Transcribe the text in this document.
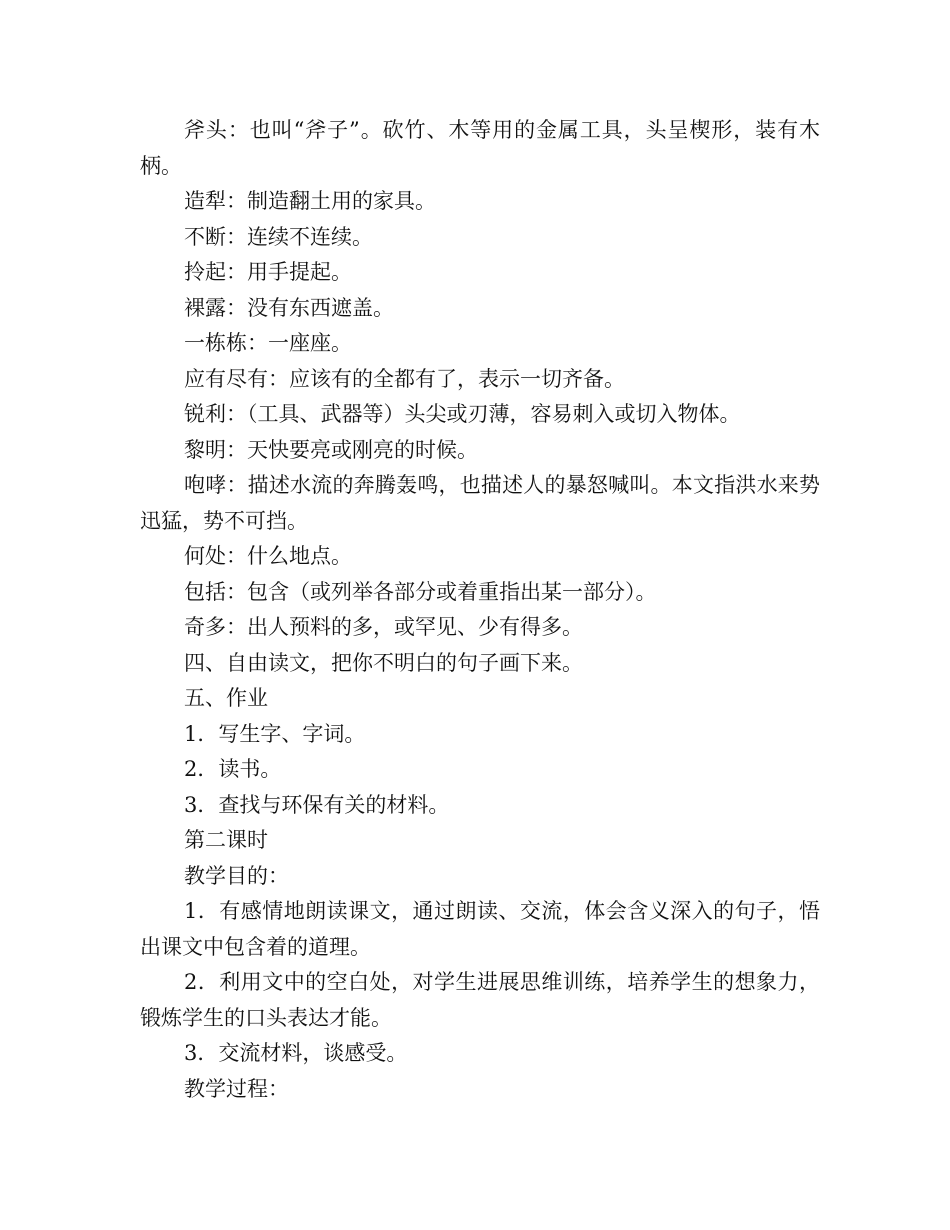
斧头：也叫“斧子”。砍竹、木等用的金属工具，头呈楔形，装有木柄。

造犁：制造翻土用的家具。

不断：连续不连续。

拎起：用手提起。

裸露：没有东西遮盖。

一栋栋：一座座。

应有尽有：应该有的全都有了，表示一切齐备。

锐利：（工具、武器等）头尖或刃薄，容易刺入或切入物体。

黎明：天快要亮或刚亮的时候。

咆哮：描述水流的奔腾轰鸣，也描述人的暴怒喊叫。本文指洪水来势迅猛，势不可挡。

何处：什么地点。

包括：包含（或列举各部分或着重指出某一部分）。

奇多：出人预料的多，或罕见、少有得多。

四、自由读文，把你不明白的句子画下来。

五、作业

1．写生字、字词。

2．读书。

3．查找与环保有关的材料。

第二课时

教学目的：

1．有感情地朗读课文，通过朗读、交流，体会含义深入的句子，悟出课文中包含着的道理。

2．利用文中的空白处，对学生进展思维训练，培养学生的想象力，锻炼学生的口头表达才能。

3．交流材料，谈感受。

教学过程：
